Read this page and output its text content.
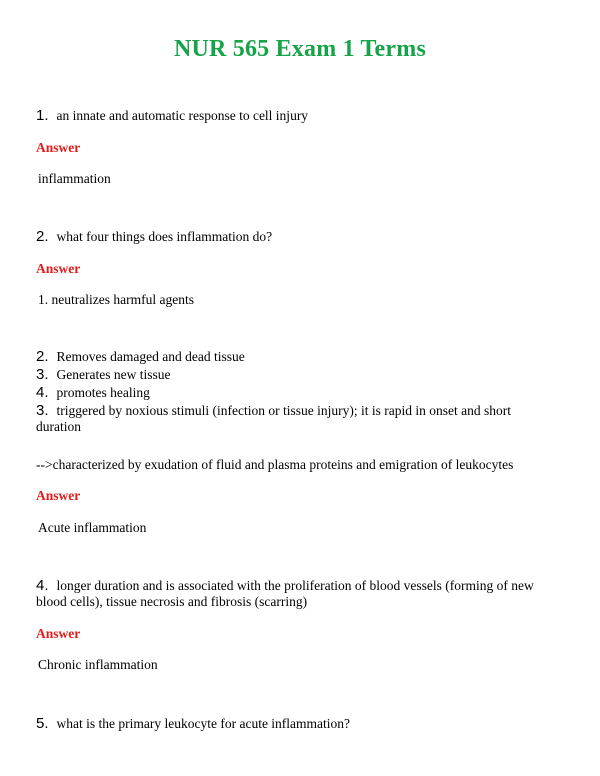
NUR 565 Exam 1 Terms
1. an innate and automatic response to cell injury
Answer
inflammation
2. what four things does inflammation do?
Answer
1. neutralizes harmful agents
2. Removes damaged and dead tissue
3. Generates new tissue
4. promotes healing
3. triggered by noxious stimuli (infection or tissue injury); it is rapid in onset and short duration
-->characterized by exudation of fluid and plasma proteins and emigration of leukocytes
Answer
Acute inflammation
4. longer duration and is associated with the proliferation of blood vessels (forming of new blood cells), tissue necrosis and fibrosis (scarring)
Answer
Chronic inflammation
5. what is the primary leukocyte for acute inflammation?
